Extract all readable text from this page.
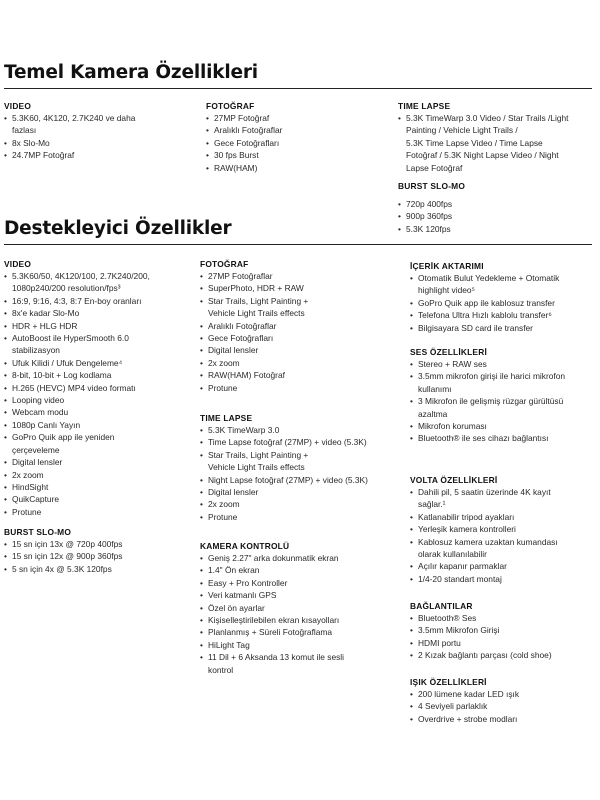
Temel Kamera Özellikleri
VIDEO
• 5.3K60, 4K120, 2.7K240 ve daha
fazlası
• 8x Slo-Mo
• 24.7MP Fotoğraf
FOTOĞRAF
• 27MP Fotoğraf
• Aralıklı Fotoğraflar
• Gece Fotoğrafları
• 30 fps Burst
• RAW(HAM)
TIME LAPSE
• 5.3K TimeWarp 3.0 Video / Star Trails /Light
Painting / Vehicle Light Trails /
5.3K Time Lapse Video / Time Lapse
Fotoğraf / 5.3K Night Lapse Video / Night
Lapse Fotoğraf
BURST SLO-MO
• 720p 400fps
• 900p 360fps
• 5.3K 120fps
Destekleyici Özellikler
VIDEO
• 5.3K60/50, 4K120/100, 2.7K240/200,
1080p240/200 resolution/fps³
• 16:9, 9:16, 4:3, 8:7 En-boy oranları
• 8x'e kadar Slo-Mo
• HDR + HLG HDR
• AutoBoost ile HyperSmooth 6.0
stabilizasyon
• Ufuk Kilidi / Ufuk Dengeleme⁴
• 8-bit, 10-bit + Log kodlama
• H.265 (HEVC) MP4 video formatı
• Looping video
• Webcam modu
• 1080p Canlı Yayın
• GoPro Quik app ile yeniden
çerçeveleme
• Digital lensler
• 2x zoom
• HindSight
• QuikCapture
• Protune
BURST SLO-MO
• 15 sn için 13x @ 720p 400fps
• 15 sn için 12x @ 900p 360fps
• 5 sn için 4x @ 5.3K 120fps
FOTOĞRAF
• 27MP Fotoğraflar
• SuperPhoto, HDR + RAW
• Star Trails, Light Painting +
Vehicle Light Trails effects
• Aralıklı Fotoğraflar
• Gece Fotoğrafları
• Digital lensler
• 2x zoom
• RAW(HAM) Fotoğraf
• Protune
TIME LAPSE
• 5.3K TimeWarp 3.0
• Time Lapse fotoğraf (27MP) + video (5.3K)
• Star Trails, Light Painting +
Vehicle Light Trails effects
• Night Lapse fotoğraf (27MP) + video (5.3K)
• Digital lensler
• 2x zoom
• Protune
KAMERA KONTROLÜ
• Geniş 2.27" arka dokunmatik ekran
• 1.4" Ön ekran
• Easy + Pro Kontroller
• Veri katmanlı GPS
• Özel ön ayarlar
• Kişiselleştirilebilen ekran kısayolları
• Planlanmış + Süreli Fotoğraflama
• HiLight Tag
• 11 Dil + 6 Aksanda 13 komut ile sesli
kontrol
İÇERİK AKTARIMI
• Otomatik Bulut Yedekleme + Otomatik
highlight video⁵
• GoPro Quik app ile kablosuz transfer
• Telefona Ultra Hızlı kablolu transfer⁶
• Bilgisayara SD card ile transfer
SES ÖZELLİKLERİ
• Stereo + RAW ses
• 3.5mm mikrofon girişi ile harici mikrofon
kullanımı
• 3 Mikrofon ile gelişmiş rüzgar gürültüsü
azaltma
• Mikrofon koruması
• Bluetooth® ile ses cihazı bağlantısı
VOLTA ÖZELLİKLERİ
• Dahili pil, 5 saatin üzerinde 4K kayıt
sağlar.¹
• Katlanabilir tripod ayakları
• Yerleşik kamera kontrolleri
• Kablosuz kamera uzaktan kumandası
olarak kullanılabilir
• Açılır kapanır parmaklar
• 1/4-20 standart montaj
BAĞLANTILAR
• Bluetooth® Ses
• 3.5mm Mikrofon Girişi
• HDMI portu
• 2 Kızak bağlantı parçası (cold shoe)
IŞIK ÖZELLİKLERİ
• 200 lümene kadar LED ışık
• 4 Seviyeli parlaklık
• Overdrive + strobe modları
